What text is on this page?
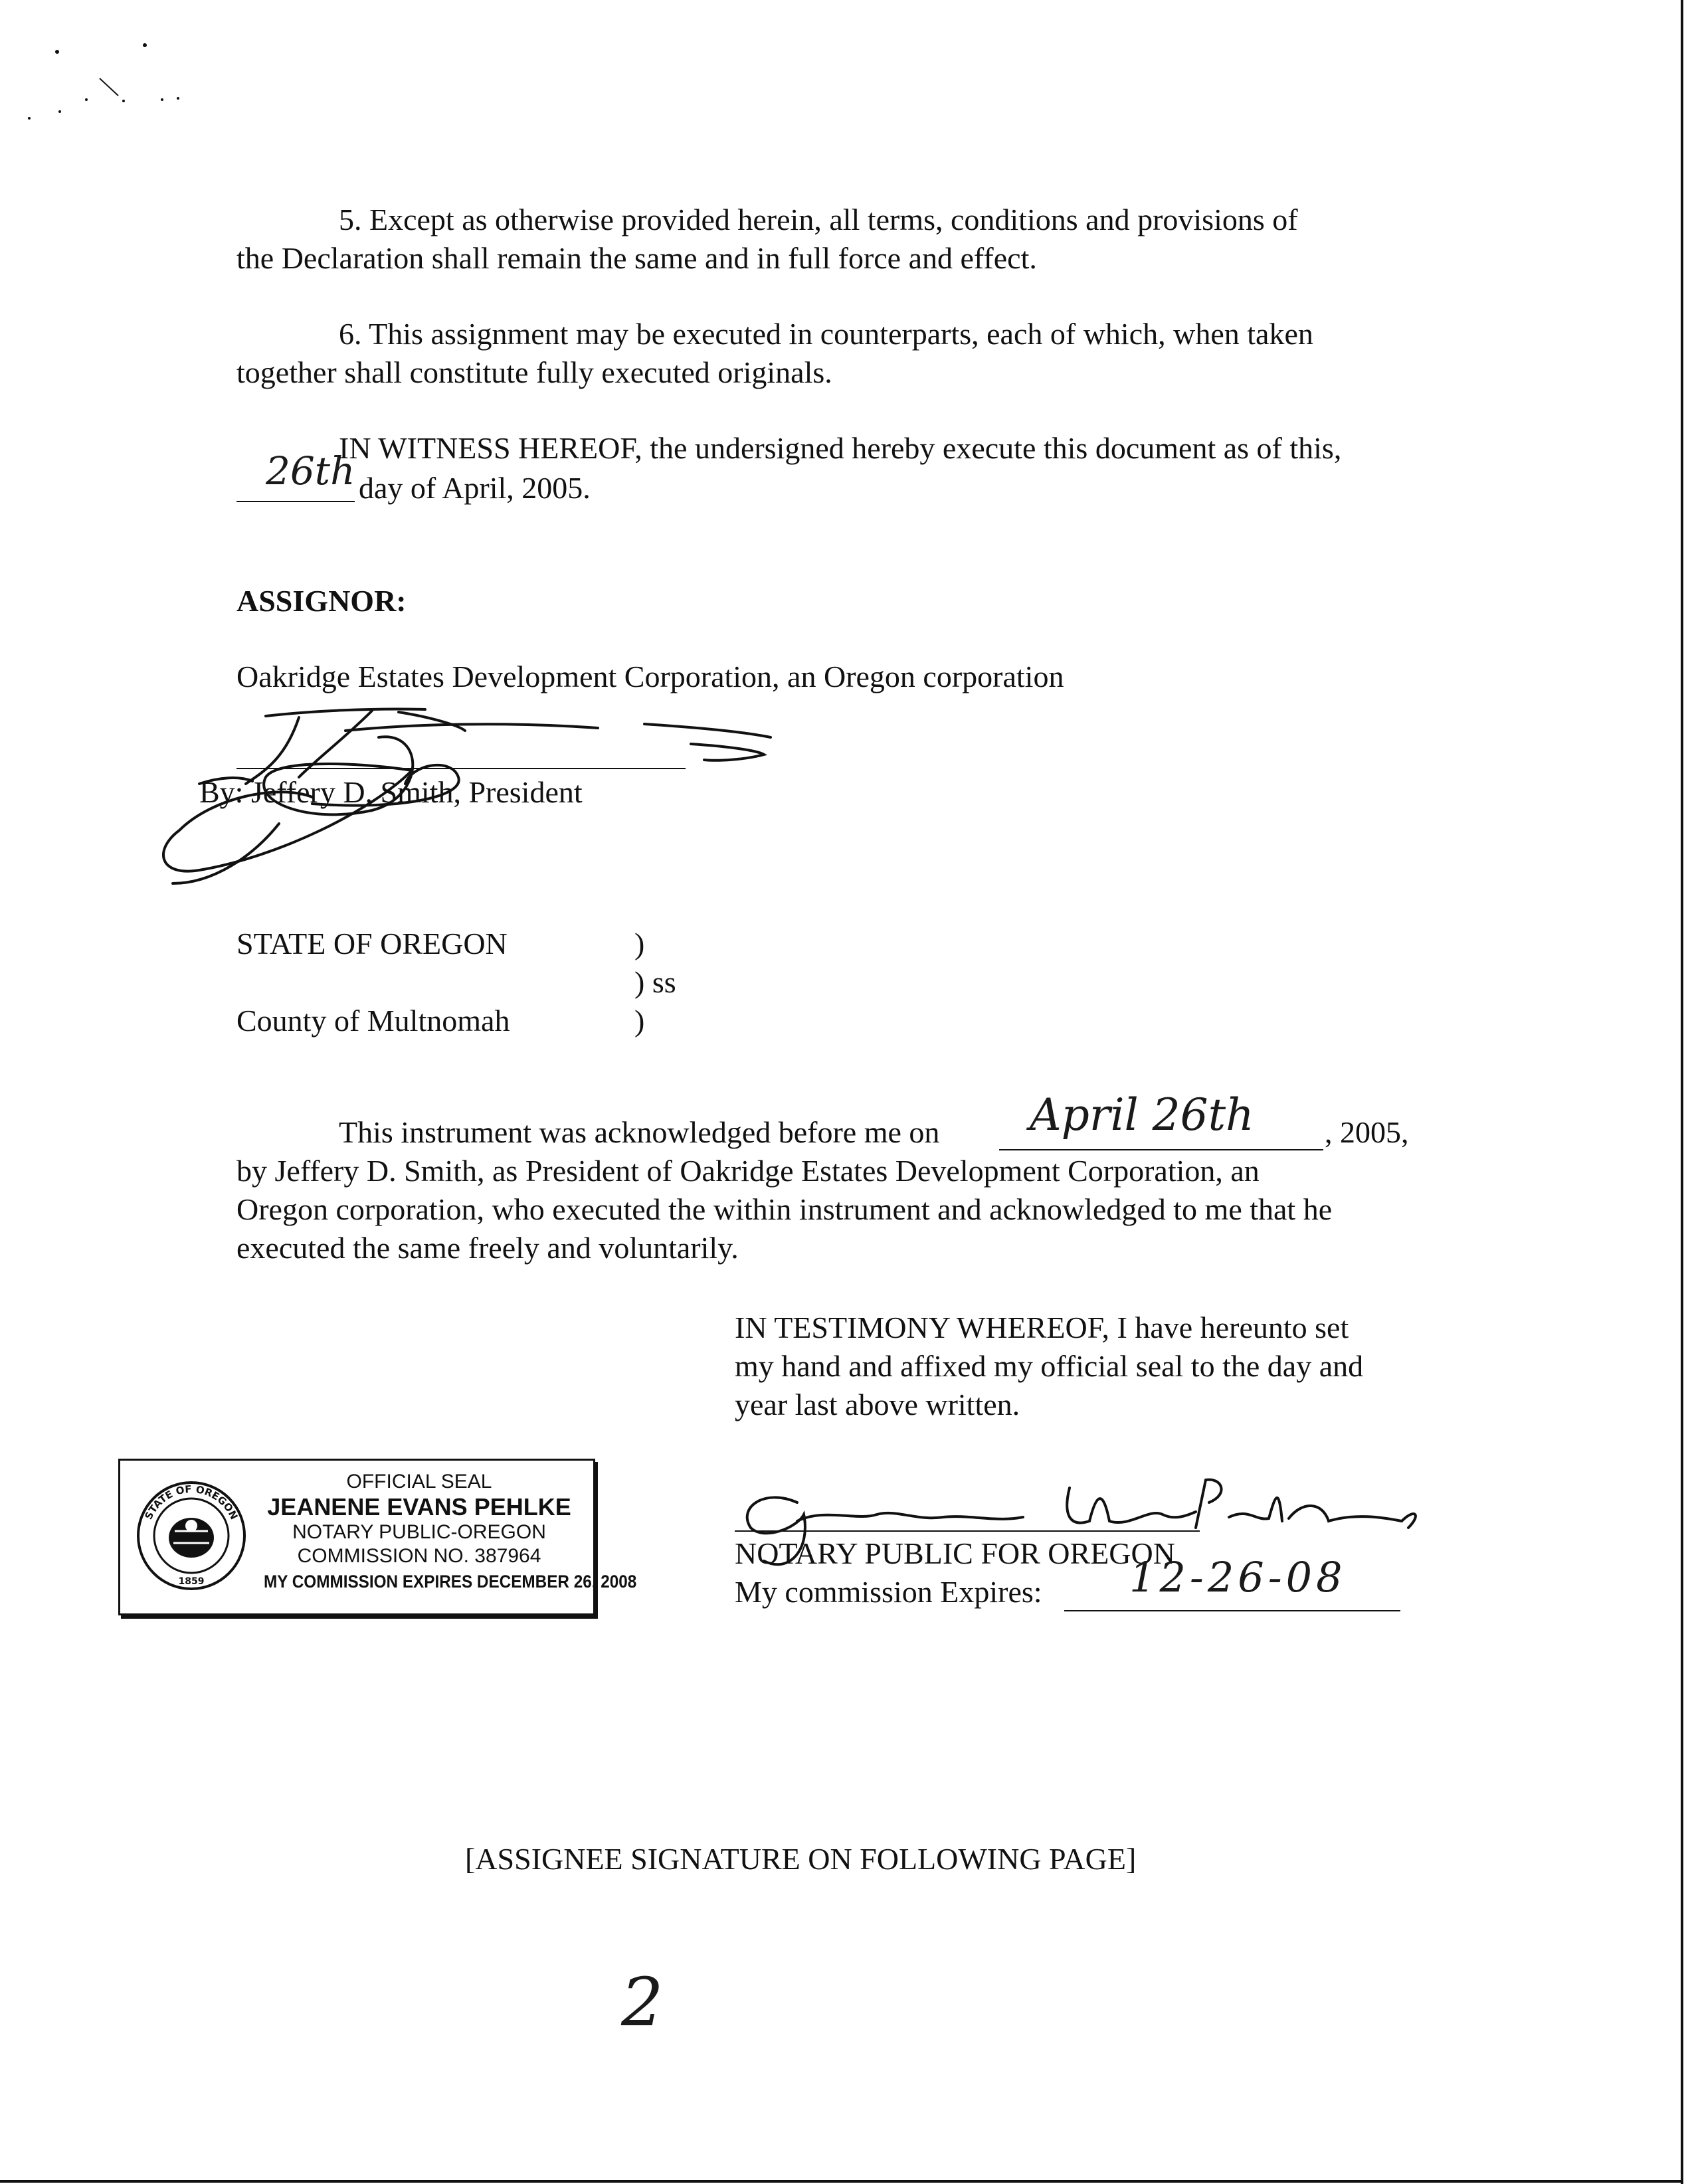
5. Except as otherwise provided herein, all terms, conditions and provisions of
the Declaration shall remain the same and in full force and effect.
6. This assignment may be executed in counterparts, each of which, when taken
together shall constitute fully executed originals.
IN WITNESS HEREOF, the undersigned hereby execute this document as of this,
26th day of April, 2005.
ASSIGNOR:
Oakridge Estates Development Corporation, an Oregon corporation
By: Jeffery D. Smith, President
STATE OF OREGON	)
) ss
County of Multnomah	)
This instrument was acknowledged before me on April 26th , 2005,
by Jeffery D. Smith, as President of Oakridge Estates Development Corporation, an
Oregon corporation, who executed the within instrument and acknowledged to me that he
executed the same freely and voluntarily.
IN TESTIMONY WHEREOF, I have hereunto set
my hand and affixed my official seal to the day and
year last above written.
STATE OF OREGON
1859
OFFICIAL SEAL
JEANENE EVANS PEHLKE
NOTARY PUBLIC-OREGON
COMMISSION NO. 387964
MY COMMISSION EXPIRES DECEMBER 26, 2008
NOTARY PUBLIC FOR OREGON
My commission Expires: 12-26-08
[ASSIGNEE SIGNATURE ON FOLLOWING PAGE]
2
